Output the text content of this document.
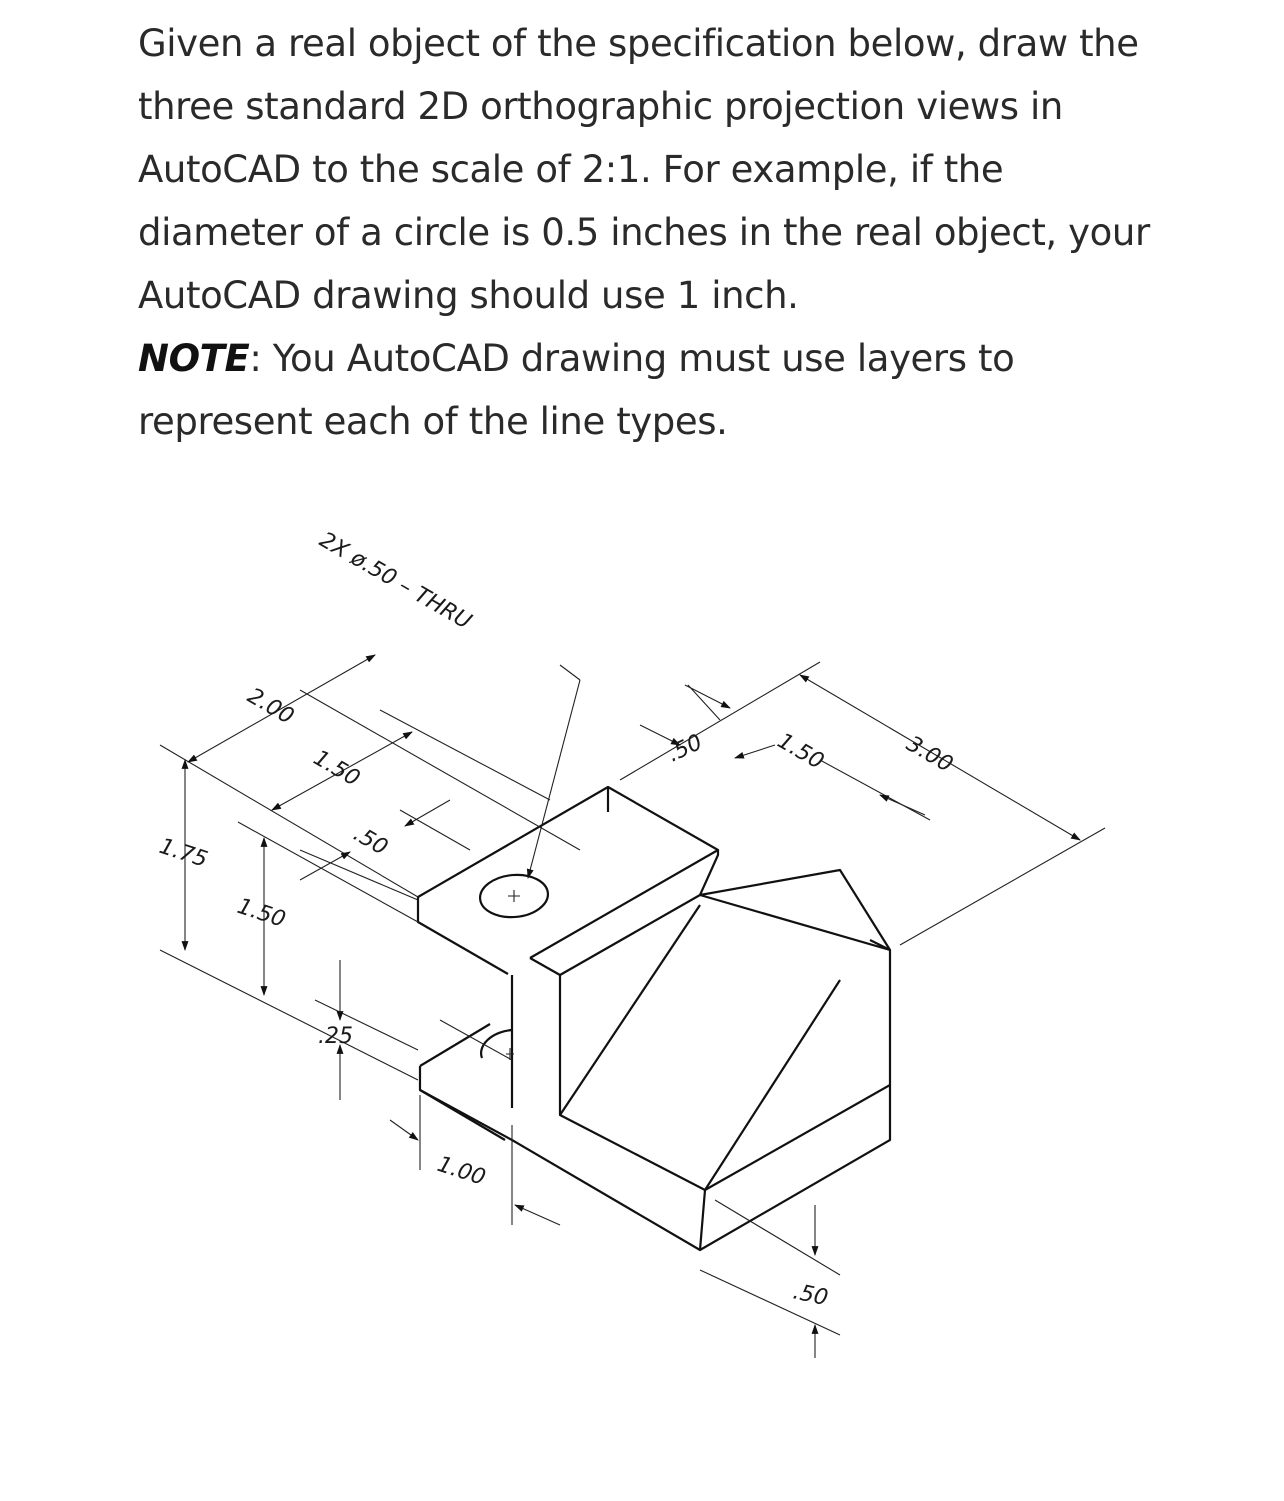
Given a real object of the specification below, draw the three standard 2D orthographic projection views in AutoCAD to the scale of 2:1. For example, if the diameter of a circle is 0.5 inches in the real object, your AutoCAD drawing should use 1 inch.
NOTE: You AutoCAD drawing must use layers to represent each of the line types.
2X ø.50 – THRU
2.00
1.50
.50
1.75
1.50
.25
1.00
.50	1.50	3.00
.50
